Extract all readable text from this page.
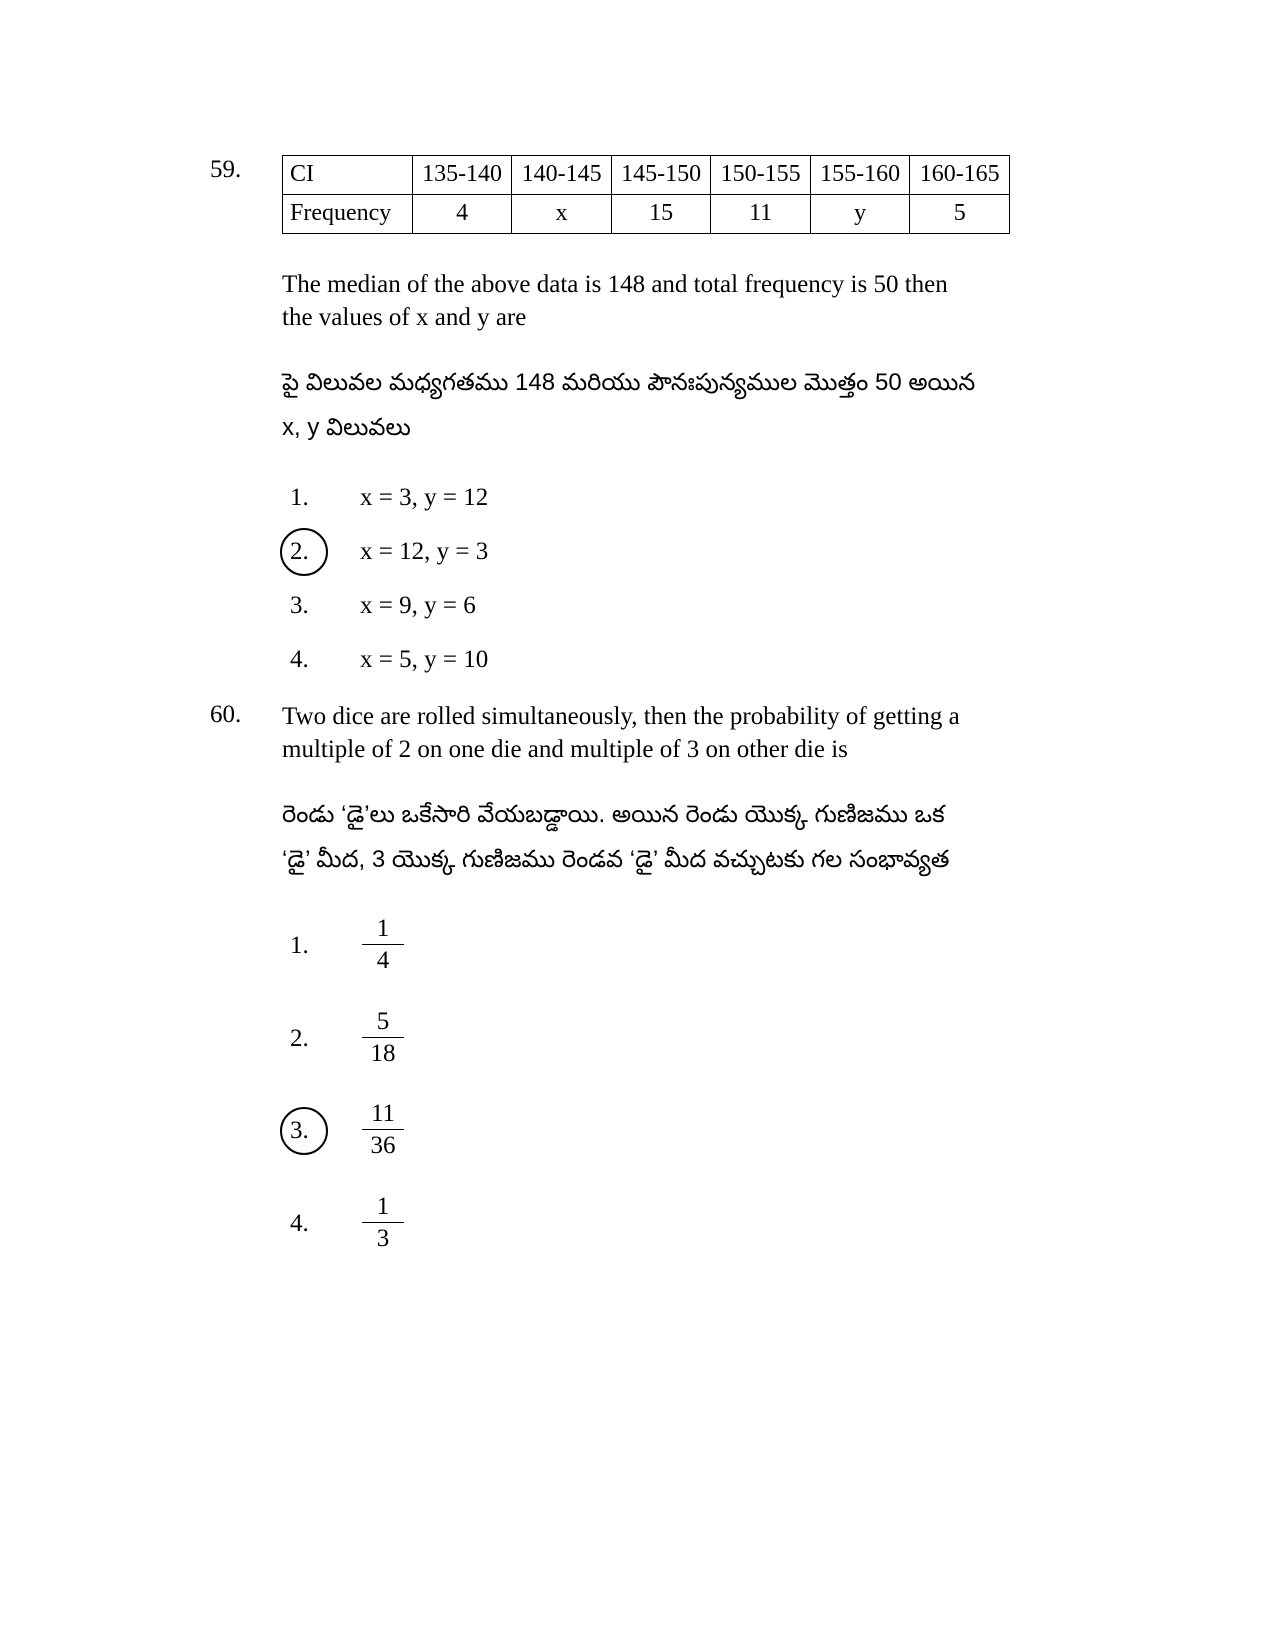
59.	CI	135-140	140-145	145-150	150-155	155-160	160-165
Frequency	4	x	15	11	y	5

The median of the above data is 148 and total frequency is 50 then

the values of x and y are

పై విలువల మధ్యగతము 148 మరియు పౌనఃపున్యముల మొత్తం 50 అయిన

x, y విలువలు

1.	x = 3, y = 12
2.	x = 12, y = 3
3.	x = 9, y = 6
4.	x = 5, y = 10
60.	Two dice are rolled simultaneously, then the probability of getting a

multiple of 2 on one die and multiple of 3 on other die is

రెండు ‘డై’లు ఒకేసారి వేయబడ్డాయి. అయిన రెండు యొక్క గుణిజము ఒక

‘డై’ మీద, 3 యొక్క గుణిజము రెండవ ‘డై’ మీద వచ్చుటకు గల సంభావ్యత

1.	$\frac{1}{4}$
2.	$\frac{5}{18}$
3.	$\frac{11}{36}$
4.	$\frac{1}{3}$
